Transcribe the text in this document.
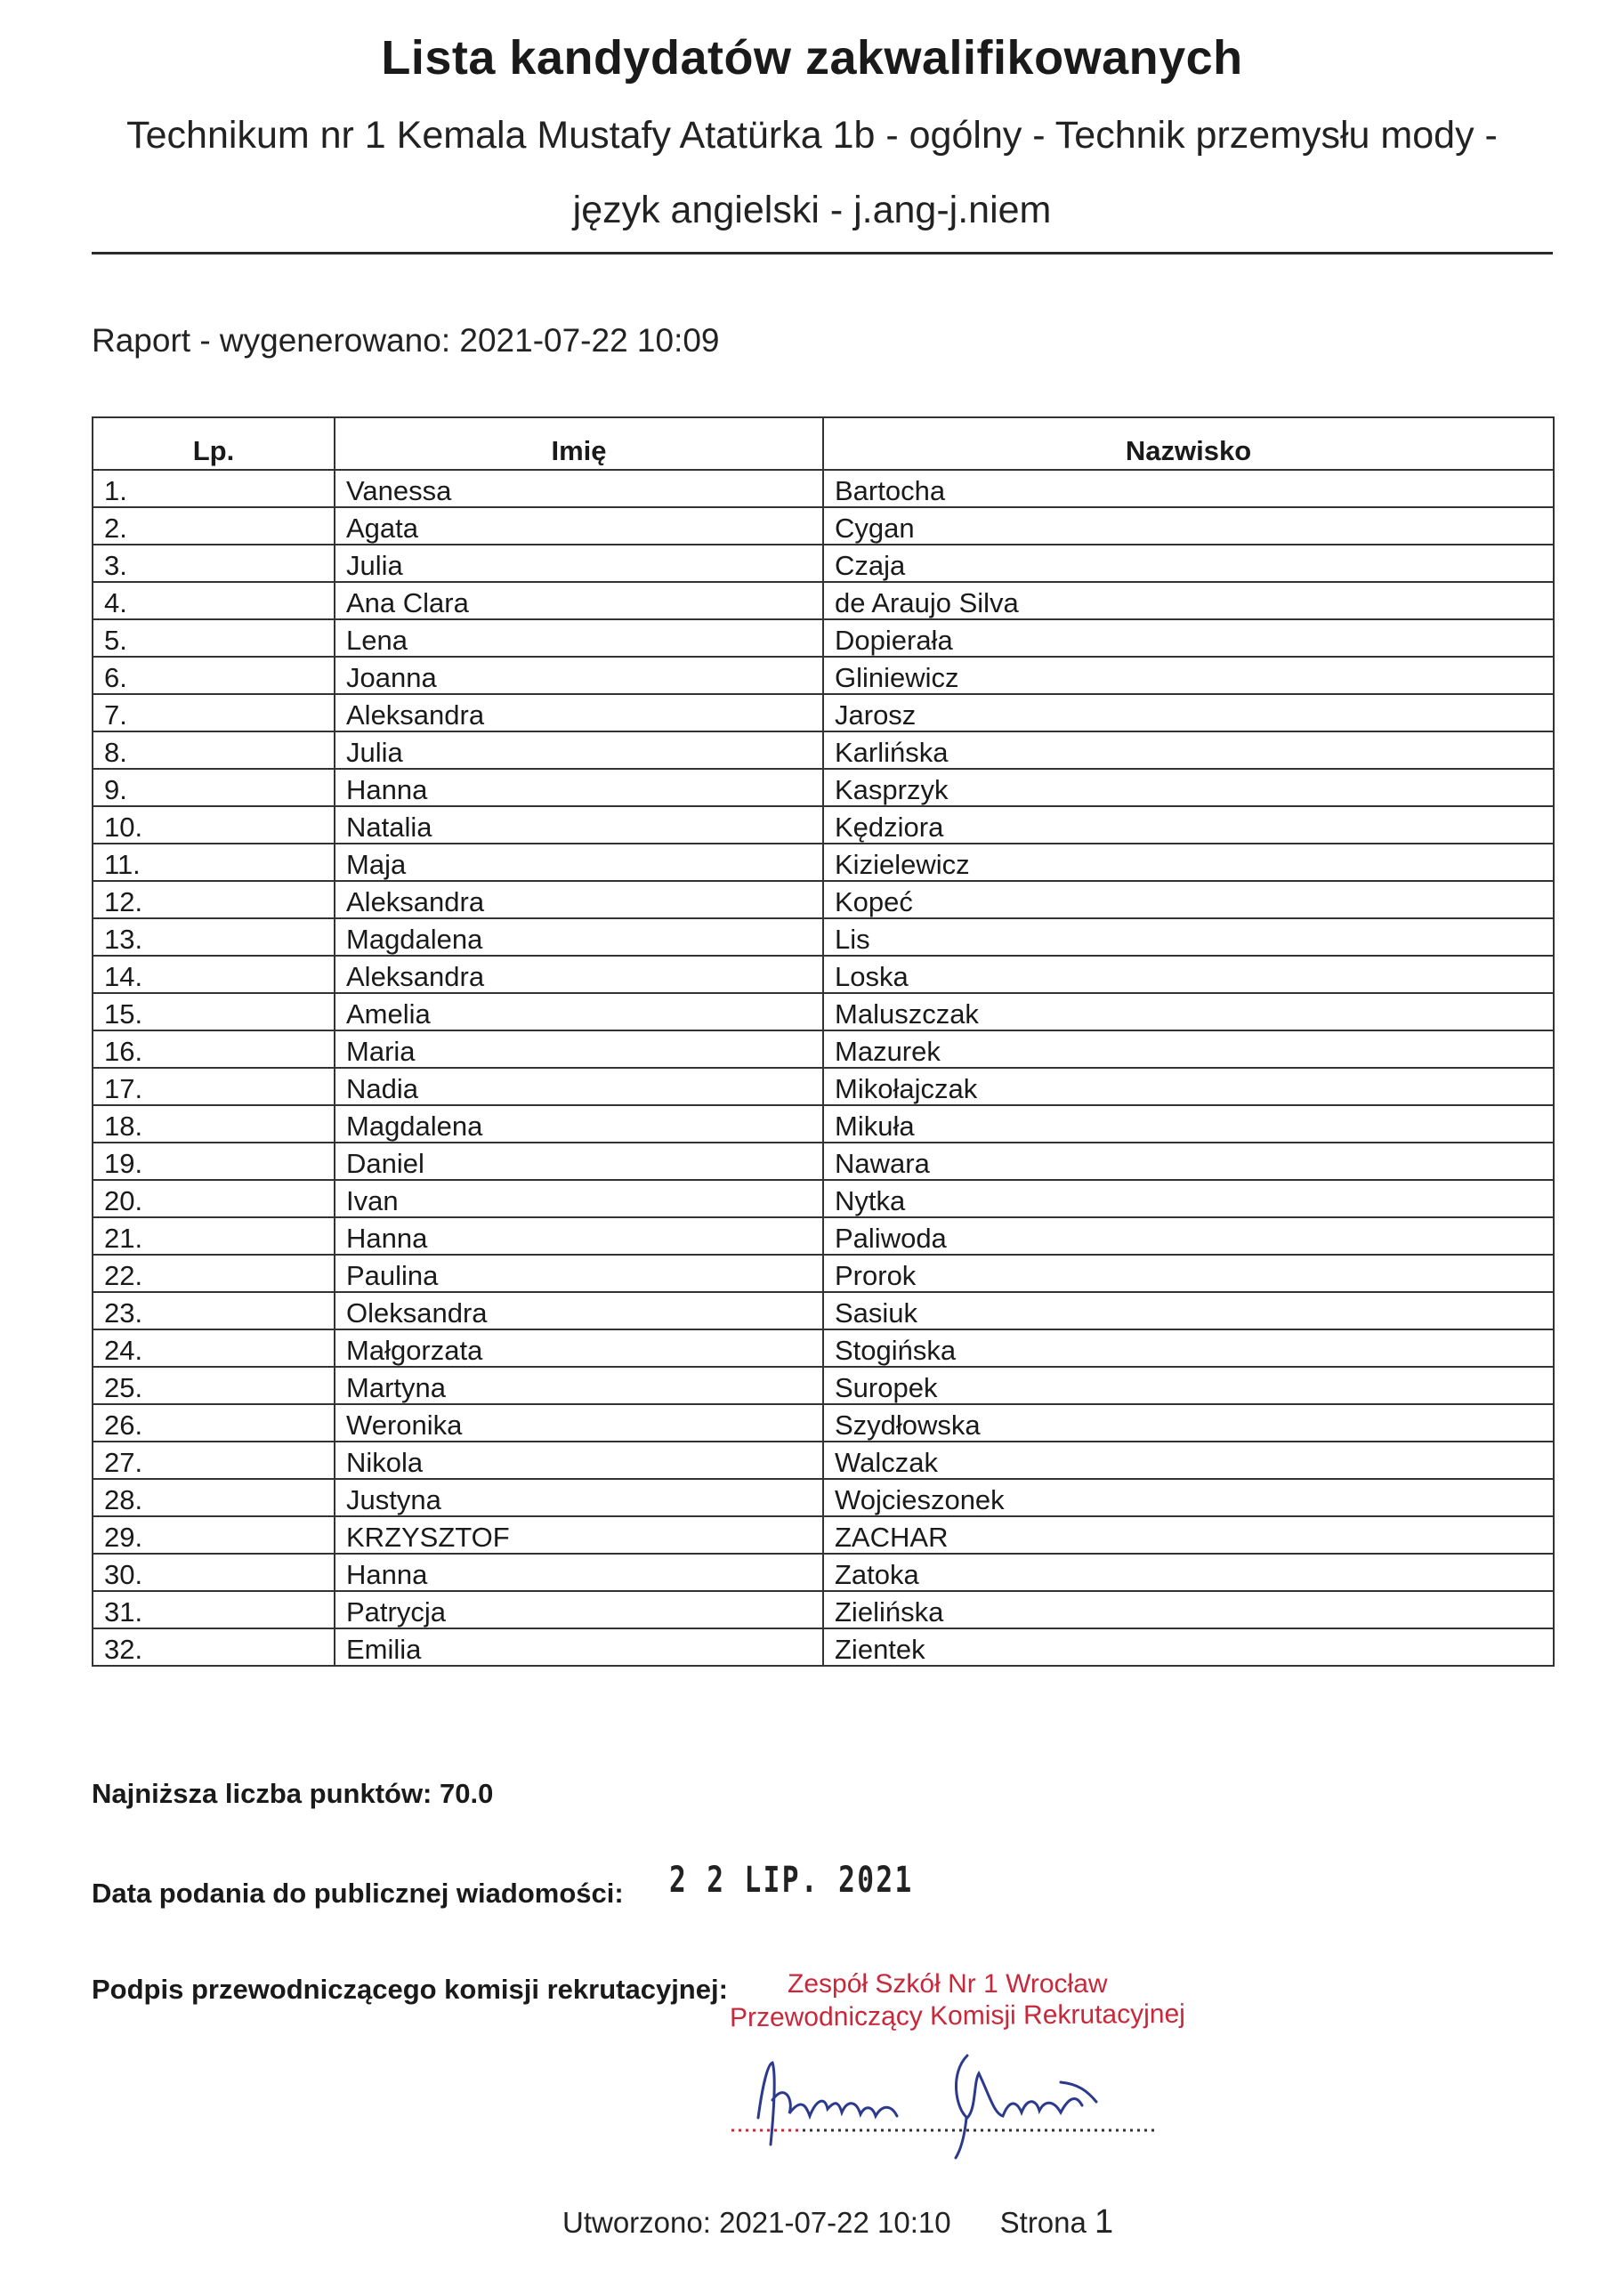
Lista kandydatów zakwalifikowanych
Technikum nr 1 Kemala Mustafy Atatürka 1b - ogólny - Technik przemysłu mody -
język angielski - j.ang-j.niem
Raport - wygenerowano: 2021-07-22 10:09
Lp.	Imię	Nazwisko
1.	Vanessa	Bartocha
2.	Agata	Cygan
3.	Julia	Czaja
4.	Ana Clara	de Araujo Silva
5.	Lena	Dopierała
6.	Joanna	Gliniewicz
7.	Aleksandra	Jarosz
8.	Julia	Karlińska
9.	Hanna	Kasprzyk
10.	Natalia	Kędziora
11.	Maja	Kizielewicz
12.	Aleksandra	Kopeć
13.	Magdalena	Lis
14.	Aleksandra	Loska
15.	Amelia	Maluszczak
16.	Maria	Mazurek
17.	Nadia	Mikołajczak
18.	Magdalena	Mikuła
19.	Daniel	Nawara
20.	Ivan	Nytka
21.	Hanna	Paliwoda
22.	Paulina	Prorok
23.	Oleksandra	Sasiuk
24.	Małgorzata	Stogińska
25.	Martyna	Suropek
26.	Weronika	Szydłowska
27.	Nikola	Walczak
28.	Justyna	Wojcieszonek
29.	KRZYSZTOF	ZACHAR
30.	Hanna	Zatoka
31.	Patrycja	Zielińska
32.	Emilia	Zientek
Najniższa liczba punktów: 70.0
Data podania do publicznej wiadomości: 2 2 LIP. 2021
Podpis przewodniczącego komisji rekrutacyjnej: Zespół Szkół Nr 1 Wrocław
Przewodniczący Komisji Rekrutacyjnej
Utworzono: 2021-07-22 10:10 Strona 1
